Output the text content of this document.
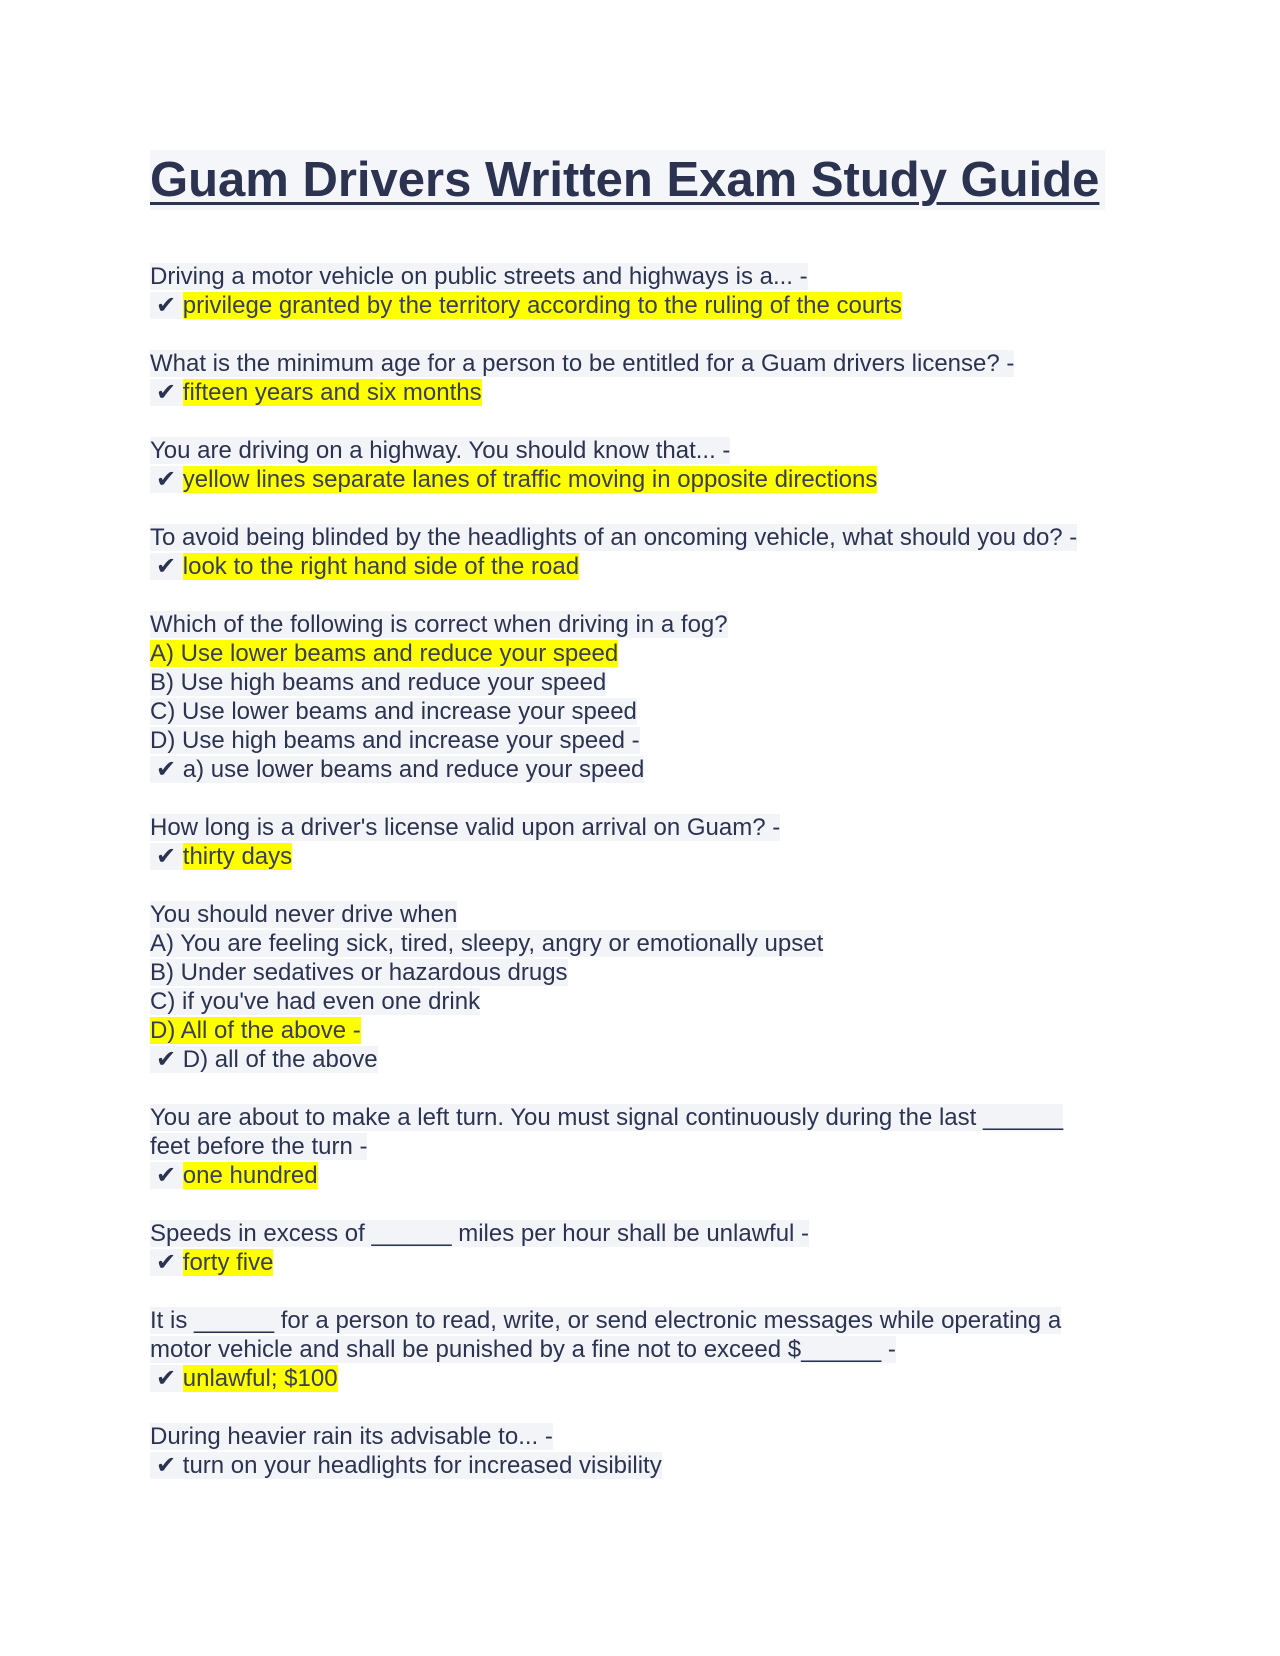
Guam Drivers Written Exam Study Guide
Driving a motor vehicle on public streets and highways is a... -
✔ privilege granted by the territory according to the ruling of the courts
What is the minimum age for a person to be entitled for a Guam drivers license? -
✔ fifteen years and six months
You are driving on a highway. You should know that... -
✔ yellow lines separate lanes of traffic moving in opposite directions
To avoid being blinded by the headlights of an oncoming vehicle, what should you do? -
✔ look to the right hand side of the road
Which of the following is correct when driving in a fog?
A) Use lower beams and reduce your speed
B) Use high beams and reduce your speed
C) Use lower beams and increase your speed
D) Use high beams and increase your speed -
✔ a) use lower beams and reduce your speed
How long is a driver's license valid upon arrival on Guam? -
✔ thirty days
You should never drive when
A) You are feeling sick, tired, sleepy, angry or emotionally upset
B) Under sedatives or hazardous drugs
C) if you've had even one drink
D) All of the above -
✔ D) all of the above
You are about to make a left turn. You must signal continuously during the last ______
feet before the turn -
✔ one hundred
Speeds in excess of ______ miles per hour shall be unlawful -
✔ forty five
It is ______ for a person to read, write, or send electronic messages while operating a
motor vehicle and shall be punished by a fine not to exceed $______ -
✔ unlawful; $100
During heavier rain its advisable to... -
✔ turn on your headlights for increased visibility
